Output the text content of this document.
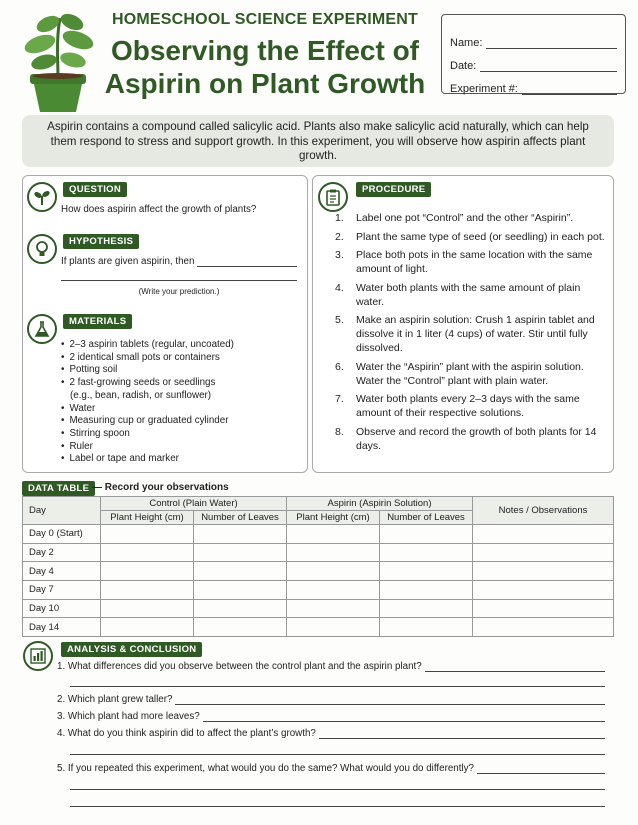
HOMESCHOOL SCIENCE EXPERIMENT
Observing the Effect of
Aspirin on Plant Growth
Name:
Date:
Experiment #:
Aspirin contains a compound called salicylic acid. Plants also make salicylic acid naturally, which can help them respond to stress and support growth. In this experiment, you will observe how aspirin affects plant growth.
QUESTION
How does aspirin affect the growth of plants?
HYPOTHESIS
If plants are given aspirin, then
(Write your prediction.)
MATERIALS
• 2–3 aspirin tablets (regular, uncoated)
• 2 identical small pots or containers
• Potting soil
• 2 fast-growing seeds or seedlings
(e.g., bean, radish, or sunflower)
• Water
• Measuring cup or graduated cylinder
• Stirring spoon
• Ruler
• Label or tape and marker
PROCEDURE
1.	Label one pot “Control” and the other “Aspirin”.
2.	Plant the same type of seed (or seedling) in each pot.
3.	Place both pots in the same location with the same amount of light.
4.	Water both plants with the same amount of plain water.
5.	Make an aspirin solution: Crush 1 aspirin tablet and dissolve it in 1 liter (4 cups) of water. Stir until fully dissolved.
6.	Water the “Aspirin” plant with the aspirin solution. Water the “Control” plant with plain water.
7.	Water both plants every 2–3 days with the same amount of their respective solutions.
8.	Observe and record the growth of both plants for 14 days.
DATA TABLE — Record your observations
Day	Control (Plain Water)		Aspirin (Aspirin Solution)		Notes / Observations
	Plant Height (cm)	Number of Leaves	Plant Height (cm)	Number of Leaves	
Day 0 (Start)					
Day 2					
Day 4					
Day 7					
Day 10					
Day 14					
ANALYSIS & CONCLUSION
1. What differences did you observe between the control plant and the aspirin plant?
2. Which plant grew taller?
3. Which plant had more leaves?
4. What do you think aspirin did to affect the plant’s growth?
5. If you repeated this experiment, what would you do the same? What would you do differently?
